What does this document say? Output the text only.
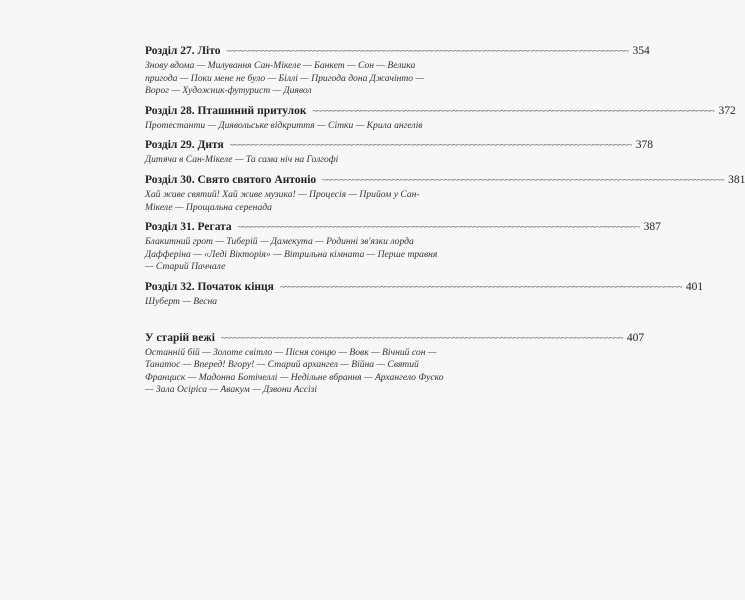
Розділ 27. Літо ~~~~~~~~~~~~~~~~~~~~~~~~~~~~~~~~~~~~~~~~~~~~~~~~~~~~~~~~~~~~~~~~~~~~~~~~~~~~~~~~~~~~~~~~~~~~ 354
Знову вдома — Милування Сан-Мікеле — Банкет — Сон — Велика пригода — Поки мене не було — Біллі — Пригода дона Джачінто — Ворог — Художник-футурист — Диявол
Розділ 28. Пташиний притулок ~~~~~~~~~~~~~~~~~~~~~~~~~~~~~~~~~~~~~~~~~~~~~~~~~~~~~~~~~~~~~~~~~~~~~~~~~~~~~~~~~~~~~~~~~~~~ 372
Протестанти — Диявольське відкриття — Сітки — Крила ангелів
Розділ 29. Дитя ~~~~~~~~~~~~~~~~~~~~~~~~~~~~~~~~~~~~~~~~~~~~~~~~~~~~~~~~~~~~~~~~~~~~~~~~~~~~~~~~~~~~~~~~~~~~ 378
Дитяча в Сан-Мікеле — Та сама ніч на Голгофі
Розділ 30. Свято святого Антоніо ~~~~~~~~~~~~~~~~~~~~~~~~~~~~~~~~~~~~~~~~~~~~~~~~~~~~~~~~~~~~~~~~~~~~~~~~~~~~~~~~~~~~~~~~~~~~ 381
Хай живе святий! Хай живе музика! — Процесія — Прийом у Сан-Мікеле — Прощальна серенада
Розділ 31. Регата ~~~~~~~~~~~~~~~~~~~~~~~~~~~~~~~~~~~~~~~~~~~~~~~~~~~~~~~~~~~~~~~~~~~~~~~~~~~~~~~~~~~~~~~~~~~~ 387
Блакитний грот — Тиберій — Дамекута — Родинні зв'язки лорда Дафферіна — «Леді Вікторія» — Вітрильна кімната — Перше травня — Старий Паччале
Розділ 32. Початок кінця ~~~~~~~~~~~~~~~~~~~~~~~~~~~~~~~~~~~~~~~~~~~~~~~~~~~~~~~~~~~~~~~~~~~~~~~~~~~~~~~~~~~~~~~~~~~~ 401
Шуберт — Весна
У старій вежі ~~~~~~~~~~~~~~~~~~~~~~~~~~~~~~~~~~~~~~~~~~~~~~~~~~~~~~~~~~~~~~~~~~~~~~~~~~~~~~~~~~~~~~~~~~~~ 407
Останній бій — Золоте світло — Пісня сонцю — Вовк — Вічний сон — Танатос — Вперед! Вгору! — Старий архангел — Війна — Святий Франциск — Мадонна Ботічеллі — Недільне вбрання — Архангело Фуско — Зала Осіріса — Авакум — Дзвони Ассізі
